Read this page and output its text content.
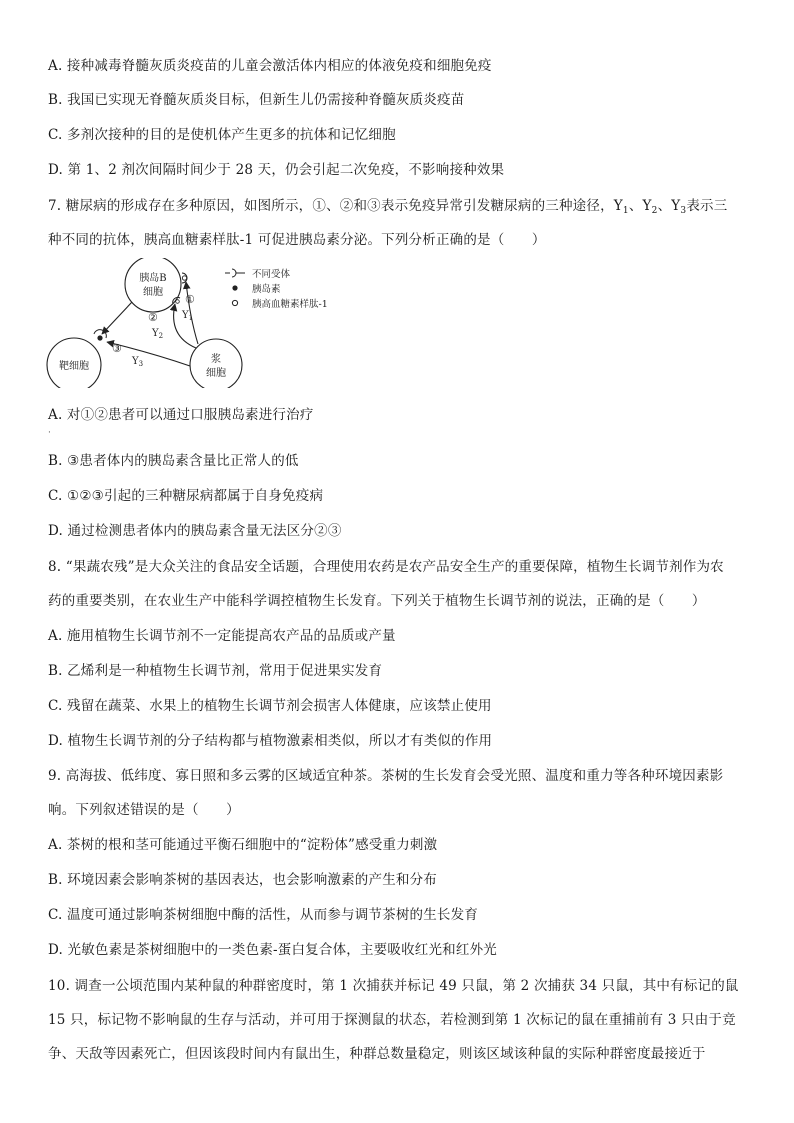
A. 接种减毒脊髓灰质炎疫苗的儿童会激活体内相应的体液免疫和细胞免疫
B. 我国已实现无脊髓灰质炎目标，但新生儿仍需接种脊髓灰质炎疫苗
C. 多剂次接种的目的是使机体产生更多的抗体和记忆细胞
D. 第 1、2 剂次间隔时间少于 28 天，仍会引起二次免疫，不影响接种效果
7. 糖尿病的形成存在多种原因，如图所示，①、②和③表示免疫异常引发糖尿病的三种途径，$Y_1$、$Y_2$、$Y_3$表示三
种不同的抗体，胰高血糖素样肽-1 可促进胰岛素分泌。下列分析正确的是（　　）
胰岛B
细胞
靶细胞
浆
细胞
①
$Y_1$
②
$Y_2$
③
$Y_3$
不同受体
胰岛素
胰高血糖素样肽-1
A. 对①②患者可以通过口服胰岛素进行治疗
·
B. ③患者体内的胰岛素含量比正常人的低
C. ①②③引起的三种糖尿病都属于自身免疫病
D. 通过检测患者体内的胰岛素含量无法区分②③
8. “果蔬农残”是大众关注的食品安全话题，合理使用农药是农产品安全生产的重要保障，植物生长调节剂作为农
药的重要类别，在农业生产中能科学调控植物生长发育。下列关于植物生长调节剂的说法，正确的是（　　）
A. 施用植物生长调节剂不一定能提高农产品的品质或产量
B. 乙烯利是一种植物生长调节剂，常用于促进果实发育
C. 残留在蔬菜、水果上的植物生长调节剂会损害人体健康，应该禁止使用
D. 植物生长调节剂的分子结构都与植物激素相类似，所以才有类似的作用
9. 高海拔、低纬度、寡日照和多云雾的区域适宜种茶。茶树的生长发育会受光照、温度和重力等各种环境因素影
响。下列叙述错误的是（　　）
A. 茶树的根和茎可能通过平衡石细胞中的“淀粉体”感受重力刺激
B. 环境因素会影响茶树的基因表达，也会影响激素的产生和分布
C. 温度可通过影响茶树细胞中酶的活性，从而参与调节茶树的生长发育
D. 光敏色素是茶树细胞中的一类色素-蛋白复合体，主要吸收红光和红外光
10. 调查一公顷范围内某种鼠的种群密度时，第 1 次捕获并标记 49 只鼠，第 2 次捕获 34 只鼠，其中有标记的鼠
15 只，标记物不影响鼠的生存与活动，并可用于探测鼠的状态，若检测到第 1 次标记的鼠在重捕前有 3 只由于竞
争、天敌等因素死亡，但因该段时间内有鼠出生，种群总数量稳定，则该区域该种鼠的实际种群密度最接近于
